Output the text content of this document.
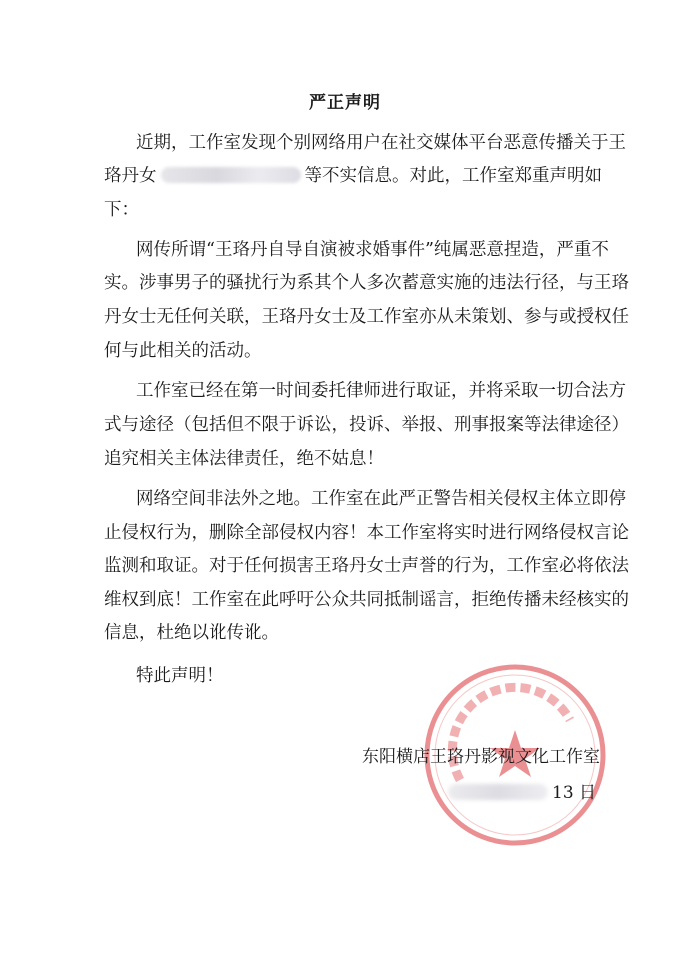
严正声明
近期，工作室发现个别网络用户在社交媒体平台恶意传播关于王
珞丹女	等不实信息。对此，工作室郑重声明如
下：
网传所谓“王珞丹自导自演被求婚事件”纯属恶意捏造，严重不
实。涉事男子的骚扰行为系其个人多次蓄意实施的违法行径，与王珞
丹女士无任何关联，王珞丹女士及工作室亦从未策划、参与或授权任
何与此相关的活动。
工作室已经在第一时间委托律师进行取证，并将采取一切合法方
式与途径（包括但不限于诉讼，投诉、举报、刑事报案等法律途径）
追究相关主体法律责任，绝不姑息！
网络空间非法外之地。工作室在此严正警告相关侵权主体立即停
止侵权行为，删除全部侵权内容！本工作室将实时进行网络侵权言论
监测和取证。对于任何损害王珞丹女士声誉的行为，工作室必将依法
维权到底！工作室在此呼吁公众共同抵制谣言，拒绝传播未经核实的
信息，杜绝以讹传讹。
特此声明！
东阳横店王珞丹影视文化工作室
13 日
